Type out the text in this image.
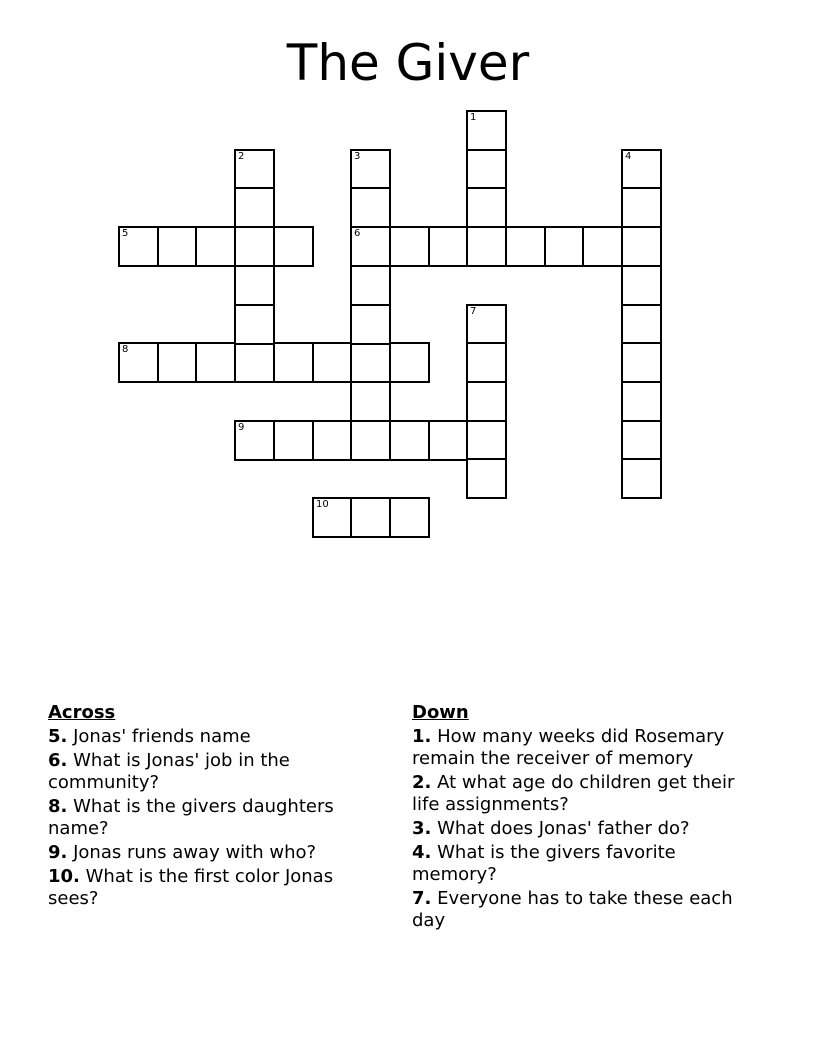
The Giver
5	6
8
9
10
1
2	3	4
7
Across
5. Jonas' friends name
6. What is Jonas' job in the community?
8. What is the givers daughters name?
9. Jonas runs away with who?
10. What is the first color Jonas sees?
Down
1. How many weeks did Rosemary remain the receiver of memory
2. At what age do children get their life assignments?
3. What does Jonas' father do?
4. What is the givers favorite memory?
7. Everyone has to take these each day
